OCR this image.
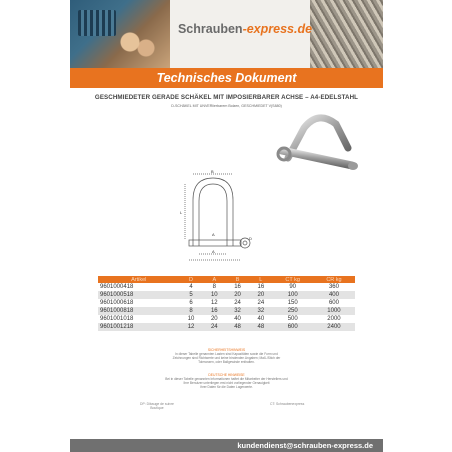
Schrauben-express.de
Technisches Dokument
GESCHMIEDETER GERADE SCHÄKEL MIT IMPOSIERBARER ACHSE – A4-EDELSTAHL
D-SCHÄKEL MIT UNVERlierbarem Bolzen, GESCHMIEDET V(S880)
B
L
A
A
D
Artikel	D	A	B	L	CT kg	CR kg
9601000418	4	8	16	16	90	360
9601000518	5	10	20	20	100	400
9601000618	6	12	24	24	150	600
9601000818	8	16	32	32	250	1000
9601001018	10	20	40	40	500	2000
9601001218	12	24	48	48	600	2400
SICHERHEITSHINWEIS
In dieser Tabelle genannten Lasten sind Kapazitäten sowie die Form und
Zeichnungen sind Richtwerte und keine bindenden Angaben; Maß-/Stich der
Toleranzen, oder Ballgewinde enthalten.
DEUTSCHE HINWEISE
Bei in dieser Tabelle genannten Informationen haftet die Mitarbeiter der Herstellers und
Ihre Benutzer unterliegen erst nicht vorliegender Genauigkeit
Ihrer Daten für die Daten Lagerwerte.
DP: Dibauge de suivre
Boutique
CT: Schraubenexpress
kundendienst@schrauben-express.de
